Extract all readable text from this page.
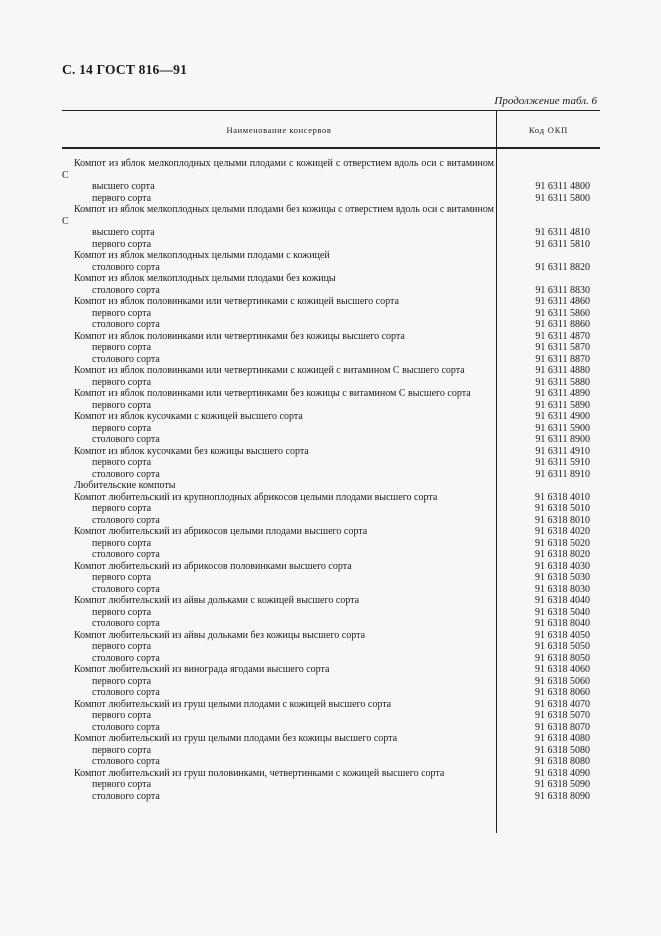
С. 14 ГОСТ 816—91
Продолжение табл. 6
Наименование консервов	Код ОКП
Компот из яблок мелкоплодных целыми плодами с кожицей с отверстием вдоль оси с витамином С
высшего сорта	91 6311 4800
первого сорта	91 6311 5800
Компот из яблок мелкоплодных целыми плодами без кожицы с отверстием вдоль оси с витамином С
высшего сорта	91 6311 4810
первого сорта	91 6311 5810
Компот из яблок мелкоплодных целыми плодами с кожицей
столового сорта	91 6311 8820
Компот из яблок мелкоплодных целыми плодами без кожицы
столового сорта	91 6311 8830
Компот из яблок половинками или четвертинками с кожицей высшего сорта	91 6311 4860
первого сорта	91 6311 5860
столового сорта	91 6311 8860
Компот из яблок половинками или четвертинками без кожицы высшего сорта	91 6311 4870
первого сорта	91 6311 5870
столового сорта	91 6311 8870
Компот из яблок половинками или четвертинками с кожицей с витамином С высшего сорта	91 6311 4880
первого сорта	91 6311 5880
Компот из яблок половинками или четвертинками без кожицы с витамином С высшего сорта	91 6311 4890
первого сорта	91 6311 5890
Компот из яблок кусочками с кожицей высшего сорта	91 6311 4900
первого сорта	91 6311 5900
столового сорта	91 6311 8900
Компот из яблок кусочками без кожицы высшего сорта	91 6311 4910
первого сорта	91 6311 5910
столового сорта	91 6311 8910
Любительские компоты
Компот любительский из крупноплодных абрикосов целыми плодами высшего сорта	91 6318 4010
первого сорта	91 6318 5010
столового сорта	91 6318 8010
Компот любительский из абрикосов целыми плодами высшего сорта	91 6318 4020
первого сорта	91 6318 5020
столового сорта	91 6318 8020
Компот любительский из абрикосов половинками высшего сорта	91 6318 4030
первого сорта	91 6318 5030
столового сорта	91 6318 8030
Компот любительский из айвы дольками с кожицей высшего сорта	91 6318 4040
первого сорта	91 6318 5040
столового сорта	91 6318 8040
Компот любительский из айвы дольками без кожицы высшего сорта	91 6318 4050
первого сорта	91 6318 5050
столового сорта	91 6318 8050
Компот любительский из винограда ягодами высшего сорта	91 6318 4060
первого сорта	91 6318 5060
столового сорта	91 6318 8060
Компот любительский из груш целыми плодами с кожицей высшего сорта	91 6318 4070
первого сорта	91 6318 5070
столового сорта	91 6318 8070
Компот любительский из груш целыми плодами без кожицы высшего сорта	91 6318 4080
первого сорта	91 6318 5080
столового сорта	91 6318 8080
Компот любительский из груш половинками, четвертинками с кожицей высшего сорта	91 6318 4090
первого сорта	91 6318 5090
столового сорта	91 6318 8090
